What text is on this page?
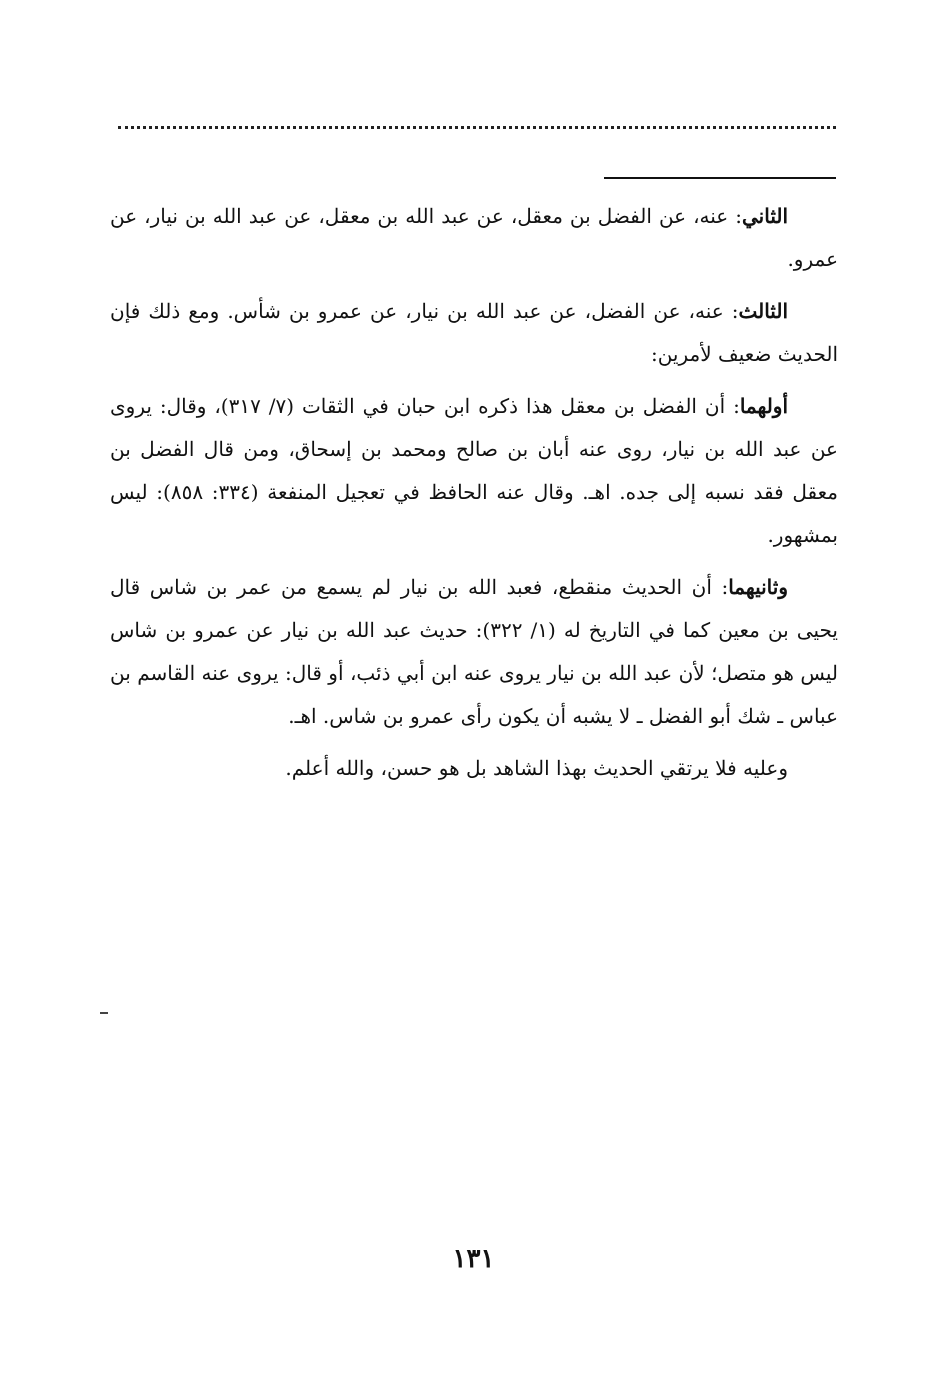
الثاني: عنه، عن الفضل بن معقل، عن عبد الله بن معقل، عن عبد الله بن نيار، عن عمرو.

الثالث: عنه، عن الفضل، عن عبد الله بن نيار، عن عمرو بن شأس. ومع ذلك فإن الحديث ضعيف لأمرين:

أولهما: أن الفضل بن معقل هذا ذكره ابن حبان في الثقات (٧/ ٣١٧)، وقال: يروى عن عبد الله بن نيار، روى عنه أبان بن صالح ومحمد بن إسحاق، ومن قال الفضل بن معقل فقد نسبه إلى جده. اهـ. وقال عنه الحافظ في تعجيل المنفعة (٣٣٤: ٨٥٨): ليس بمشهور.

وثانيهما: أن الحديث منقطع، فعبد الله بن نيار لم يسمع من عمر بن شاس قال يحيى بن معين كما في التاريخ له (١/ ٣٢٢): حديث عبد الله بن نيار عن عمرو بن شاس ليس هو متصل؛ لأن عبد الله بن نيار يروى عنه ابن أبي ذئب، أو قال: يروى عنه القاسم بن عباس ـ شك أبو الفضل ـ لا يشبه أن يكون رأى عمرو بن شاس. اهـ.

وعليه فلا يرتقي الحديث بهذا الشاهد بل هو حسن، والله أعلم.

١٣١
